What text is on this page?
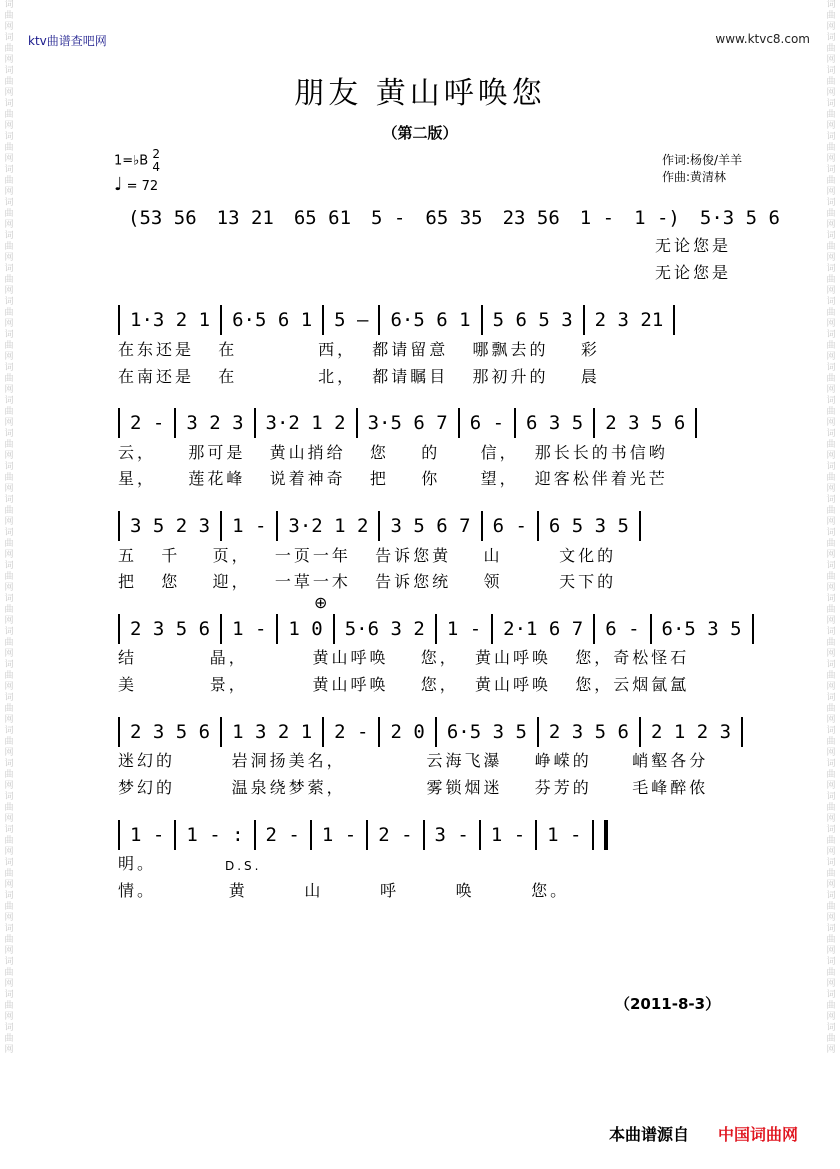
词曲网词曲网词曲网词曲网词曲网词曲网词曲网词曲网词曲网词曲网词曲网词曲网词曲网词曲网词曲网词曲网词曲网词曲网词曲网词曲网词曲网词曲网词曲网词曲网词曲网词曲网词曲网词曲网词曲网词曲网词曲网词曲网
词曲网词曲网词曲网词曲网词曲网词曲网词曲网词曲网词曲网词曲网词曲网词曲网词曲网词曲网词曲网词曲网词曲网词曲网词曲网词曲网词曲网词曲网词曲网词曲网词曲网词曲网词曲网词曲网词曲网词曲网词曲网词曲网
ktv曲谱查吧网	www.ktvc8.com
朋友 黄山呼唤您
（第二版）
1=♭B 2
4
♩ = 72
作词:杨俊/羊羊
作曲:黄清林
(53 56 13 21 65 61 5 - 65 35 23 56 1 - 1 -) 5·3 5 6
无论您是
无论您是
1·3 2 1 6·5 6 1 5 — 6·5 6 1 5 6 5 3 2 3 21
在东还是   在          西，  都请留意   哪飘去的    彩
在南还是   在          北，  都请瞩目   那初升的    晨
2 - 3 2 3 3·2 1 2 3·5 6 7 6 - 6 3 5 2 3 5 6
云，    那可是   黄山捎给   您    的     信，  那长长的书信哟
星，    莲花峰   说着神奇   把    你     望，  迎客松伴着光芒
3 5 2 3 1 - 3·2 1 2 3 5 6 7 6 - 6 5 3 5
五   千    页，   一页一年   告诉您黄    山       文化的
把   您    迎，   一草一木   告诉您统    领       天下的
⊕
2 3 5 6 1 - 1 0 5·6 3 2 1 - 2·1 6 7 6 - 6·5 3 5
结         晶，        黄山呼唤    您，  黄山呼唤   您，奇松怪石
美         景，        黄山呼唤    您，  黄山呼唤   您，云烟氤氲
2 3 5 6 1 3 2 1 2 - 2 0 6·5 3 5 2 3 5 6 2 1 2 3
迷幻的       岩洞扬美名，          云海飞瀑    峥嵘的     峭壑各分
梦幻的       温泉绕梦萦，          雾锁烟迷    芬芳的     毛峰醉侬
1 - 1 - : 2 - 1 - 2 - 3 - 1 - 1 -
明。	D.S.
情。         黄       山       呼       唤       您。
（2011-8-3）
本曲谱源自 中国词曲网
